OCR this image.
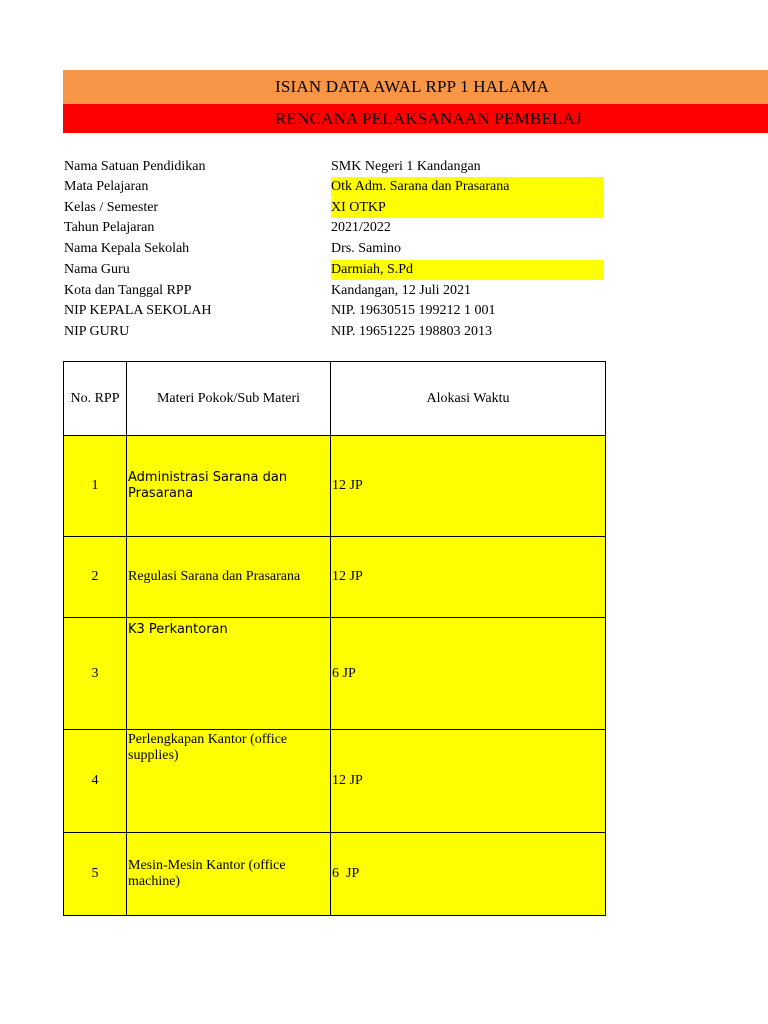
ISIAN DATA AWAL RPP 1 HALAMA
RENCANA PELAKSANAAN PEMBELAJ
Nama Satuan Pendidikan	SMK Negeri 1 Kandangan
Mata Pelajaran	Otk Adm. Sarana dan Prasarana
Kelas / Semester	XI OTKP
Tahun Pelajaran	2021/2022
Nama Kepala Sekolah	Drs. Samino
Nama Guru	Darmiah, S.Pd
Kota dan Tanggal RPP	Kandangan, 12 Juli 2021
NIP KEPALA SEKOLAH	NIP. 19630515 199212 1 001
NIP GURU	NIP. 19651225 198803 2013
No. RPP	Materi Pokok/Sub Materi	Alokasi Waktu
1	Administrasi Sarana dan Prasarana	12 JP
2	Regulasi Sarana dan Prasarana	12 JP
3	K3 Perkantoran	6 JP
4	Perlengkapan Kantor (office supplies)	12 JP
5	Mesin-Mesin Kantor (office machine)	6  JP
